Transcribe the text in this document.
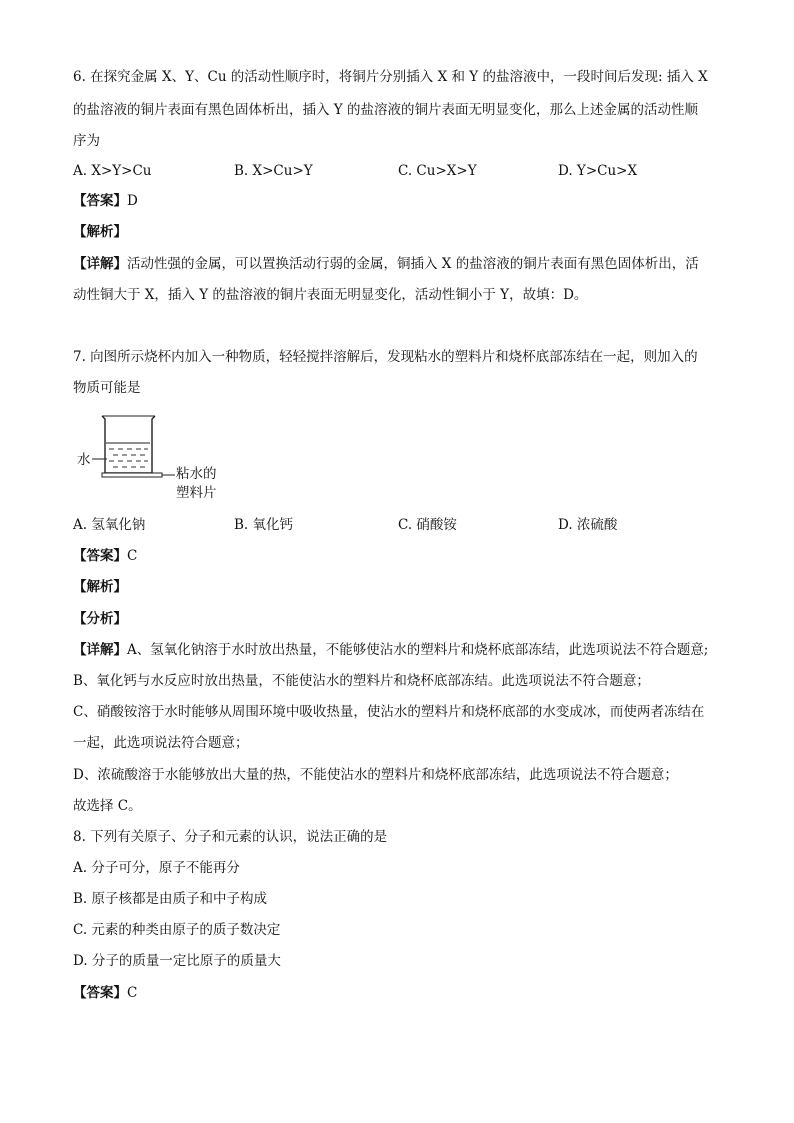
6. 在探究金属 X、Y、Cu 的活动性顺序时，将铜片分别插入 X 和 Y 的盐溶液中，一段时间后发现: 插入 X
的盐溶液的铜片表面有黑色固体析出，插入 Y 的盐溶液的铜片表面无明显变化，那么上述金属的活动性顺
序为
A. X>Y>Cu	B. X>Cu>Y	C. Cu>X>Y	D. Y>Cu>X
【答案】D
【解析】
【详解】活动性强的金属，可以置换活动行弱的金属，铜插入 X 的盐溶液的铜片表面有黑色固体析出，活
动性铜大于 X，插入 Y 的盐溶液的铜片表面无明显变化，活动性铜小于 Y，故填：D。
7. 向图所示烧杯内加入一种物质，轻轻搅拌溶解后，发现粘水的塑料片和烧杯底部冻结在一起，则加入的
物质可能是
水
粘水的
塑料片
A. 氢氧化钠	B. 氧化钙	C. 硝酸铵	D. 浓硫酸
【答案】C
【解析】
【分析】
【详解】A、氢氧化钠溶于水时放出热量，不能够使沾水的塑料片和烧杯底部冻结，此选项说法不符合题意;
B、氧化钙与水反应时放出热量，不能使沾水的塑料片和烧杯底部冻结。此选项说法不符合题意；
C、硝酸铵溶于水时能够从周围环境中吸收热量，使沾水的塑料片和烧杯底部的水变成冰，而使两者冻结在
一起，此选项说法符合题意；
D、浓硫酸溶于水能够放出大量的热，不能使沾水的塑料片和烧杯底部冻结，此选项说法不符合题意；
故选择 C。
8. 下列有关原子、分子和元素的认识，说法正确的是
A. 分子可分，原子不能再分
B. 原子核都是由质子和中子构成
C. 元素的种类由原子的质子数决定
D. 分子的质量一定比原子的质量大
【答案】C
